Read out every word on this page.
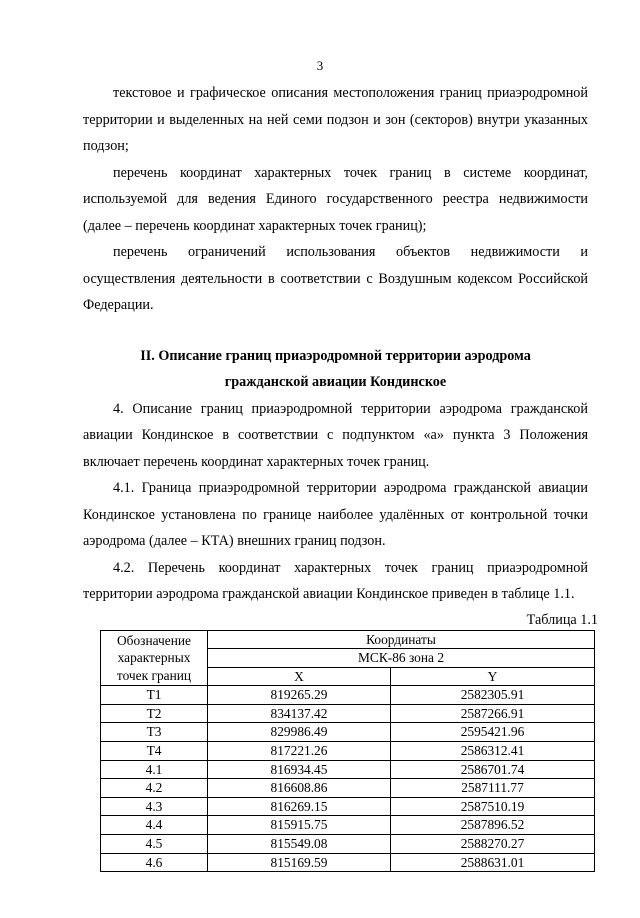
3

текстовое и графическое описания местоположения границ приаэродромной территории и выделенных на ней семи подзон и зон (секторов) внутри указанных подзон;

перечень координат характерных точек границ в системе координат, используемой для ведения Единого государственного реестра недвижимости (далее – перечень координат характерных точек границ);

перечень ограничений использования объектов недвижимости и осуществления деятельности в соответствии с Воздушным кодексом Российской Федерации.

II. Описание границ приаэродромной территории аэродрома
гражданской авиации Кондинское

4. Описание границ приаэродромной территории аэродрома гражданской авиации Кондинское в соответствии с подпунктом «а» пункта 3 Положения включает перечень координат характерных точек границ.

4.1. Граница приаэродромной территории аэродрома гражданской авиации Кондинское установлена по границе наиболее удалённых от контрольной точки аэродрома (далее – КТА) внешних границ подзон.

4.2. Перечень координат характерных точек границ приаэродромной территории аэродрома гражданской авиации Кондинское приведен в таблице 1.1.

Таблица 1.1

Обозначение
характерных
точек границ	Координаты	
	МСК-86 зона 2	
	X	Y
Т1	819265.29	2582305.91
Т2	834137.42	2587266.91
Т3	829986.49	2595421.96
Т4	817221.26	2586312.41
4.1	816934.45	2586701.74
4.2	816608.86	2587111.77
4.3	816269.15	2587510.19
4.4	815915.75	2587896.52
4.5	815549.08	2588270.27
4.6	815169.59	2588631.01
